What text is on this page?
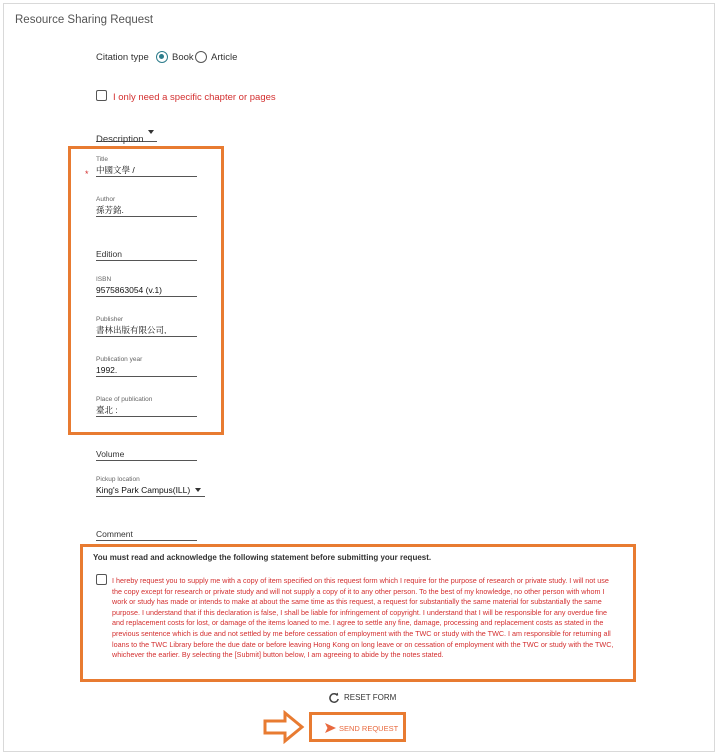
Resource Sharing Request
Citation type Book Article
I only need a specific chapter or pages
Description
*
Title
中國文學 /
Author
孫芳銘.
Edition
ISBN
9575863054 (v.1)
Publisher
書林出版有限公司,
Publication year
1992.
Place of publication
臺北 :
Volume
Pickup location
King's Park Campus(ILL)
Comment
You must read and acknowledge the following statement before submitting your request.
I hereby request you to supply me with a copy of item specified on this request form which I require for the purpose of research or private study. I will not use the copy except for research or private study and will not supply a copy of it to any other person. To the best of my knowledge, no other person with whom I work or study has made or intends to make at about the same time as this request, a request for substantially the same material for substantially the same purpose. I understand that if this declaration is false, I shall be liable for infringement of copyright. I understand that I will be responsible for any overdue fine and replacement costs for lost, or damage of the items loaned to me. I agree to settle any fine, damage, processing and replacement costs as stated in the previous sentence which is due and not settled by me before cessation of employment with the TWC or study with the TWC. I am responsible for returning all loans to the TWC Library before the due date or before leaving Hong Kong on long leave or on cessation of employment with the TWC or study with the TWC, whichever the earlier. By selecting the [Submit] button below, I am agreeing to abide by the notes stated.
RESET FORM
SEND REQUEST
